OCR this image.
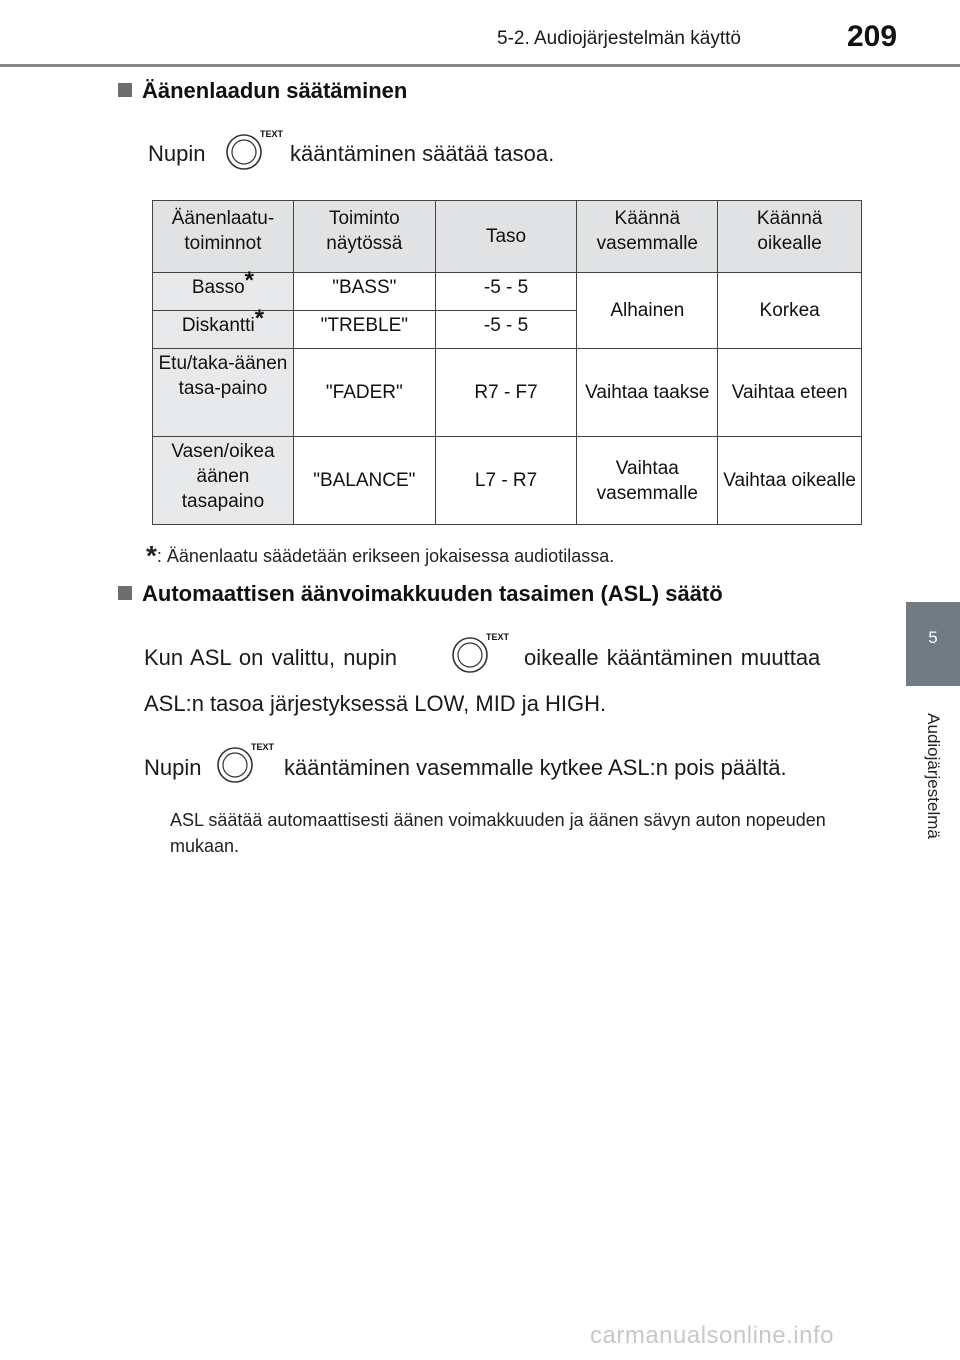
5-2. Audiojärjestelmän käyttö	209
5
Audiojärjestelmä
Äänenlaadun säätäminen
Nupin
TEXT
kääntäminen säätää tasoa.
Äänenlaatu-toiminnot	Toiminto näytössä	Taso	Käännä vasemmalle	Käännä oikealle
Basso*	"BASS"	-5 - 5	Alhainen	Korkea
Diskantti*	"TREBLE"	-5 - 5		
Etu/taka-äänen tasa-paino	"FADER"	R7 - F7	Vaihtaa taakse	Vaihtaa eteen
Vasen/oikea äänen tasapaino	"BALANCE"	L7 - R7	Vaihtaa vasemmalle	Vaihtaa oikealle
*: Äänenlaatu säädetään erikseen jokaisessa audiotilassa.
Automaattisen äänvoimakkuuden tasaimen (ASL) säätö
Kun ASL on valittu, nupin
TEXT
oikealle kääntäminen muuttaa
ASL:n tasoa järjestyksessä LOW, MID ja HIGH.
Nupin
TEXT
kääntäminen vasemmalle kytkee ASL:n pois päältä.
ASL säätää automaattisesti äänen voimakkuuden ja äänen sävyn auton nopeuden mukaan.
carmanualsonline.info
